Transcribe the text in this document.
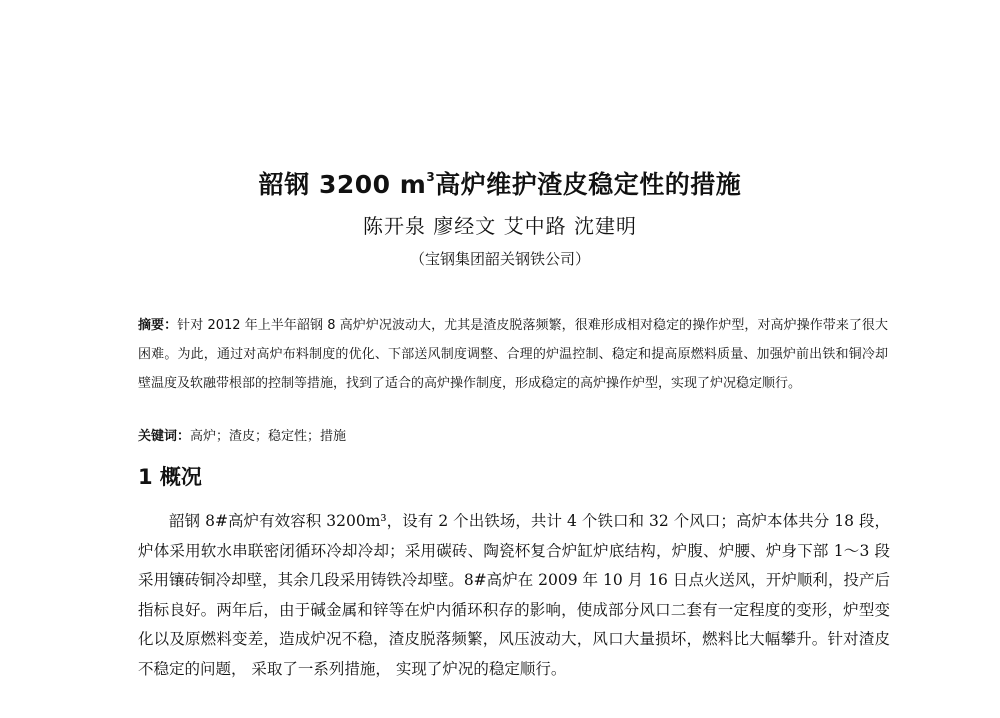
韶钢 3200 $m^3$高炉维护渣皮稳定性的措施
陈开泉 廖经文 艾中路 沈建明
（宝钢集团韶关钢铁公司）
摘要：针对 2012 年上半年韶钢 8 高炉炉况波动大，尤其是渣皮脱落频繁，很难形成相对稳定的操作炉型，对高炉操作带来了很大困难。为此，通过对高炉布料制度的优化、下部送风制度调整、合理的炉温控制、稳定和提高原燃料质量、加强炉前出铁和铜冷却壁温度及软融带根部的控制等措施，找到了适合的高炉操作制度，形成稳定的高炉操作炉型，实现了炉况稳定顺行。
关键词：高炉；渣皮；稳定性；措施
1 概况
韶钢 8#高炉有效容积 3200m³，设有 2 个出铁场，共计 4 个铁口和 32 个风口；高炉本体共分 18 段，炉体采用软水串联密闭循环冷却冷却；采用碳砖、陶瓷杯复合炉缸炉底结构，炉腹、炉腰、炉身下部 1～3 段采用镶砖铜冷却壁，其余几段采用铸铁冷却壁。8#高炉在 2009 年 10 月 16 日点火送风，开炉顺利，投产后指标良好。两年后，由于碱金属和锌等在炉内循环积存的影响，使成部分风口二套有一定程度的变形，炉型变化以及原燃料变差，造成炉况不稳，渣皮脱落频繁，风压波动大，风口大量损坏，燃料比大幅攀升。针对渣皮不稳定的问题， 采取了一系列措施， 实现了炉况的稳定顺行。
